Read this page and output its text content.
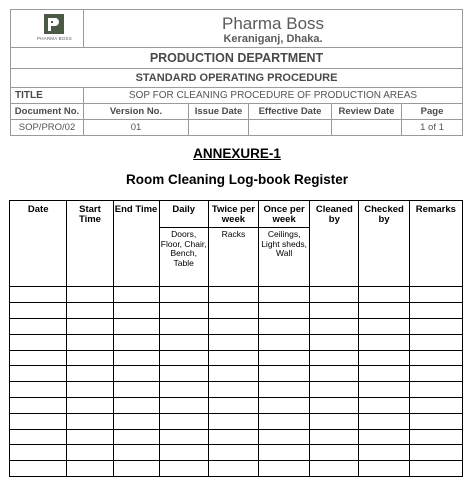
PHARMA BOSS	Pharma Boss
Keraniganj, Dhaka.				

PRODUCTION DEPARTMENT					
STANDARD OPERATING PROCEDURE					
TITLE	SOP FOR CLEANING PROCEDURE OF PRODUCTION AREAS				
Document No.	Version No.	Issue Date	Effective Date	Review Date	Page
SOP/PRO/02	01				1 of 1
ANNEXURE-1
Room Cleaning Log-book Register
Date	Start Time	End Time	Daily	Twice per week	Once per week	Cleaned by	Checked by	Remarks
			Doors, Floor, Chair, Bench, Table	Racks	Ceilings, Light sheds, Wall			
